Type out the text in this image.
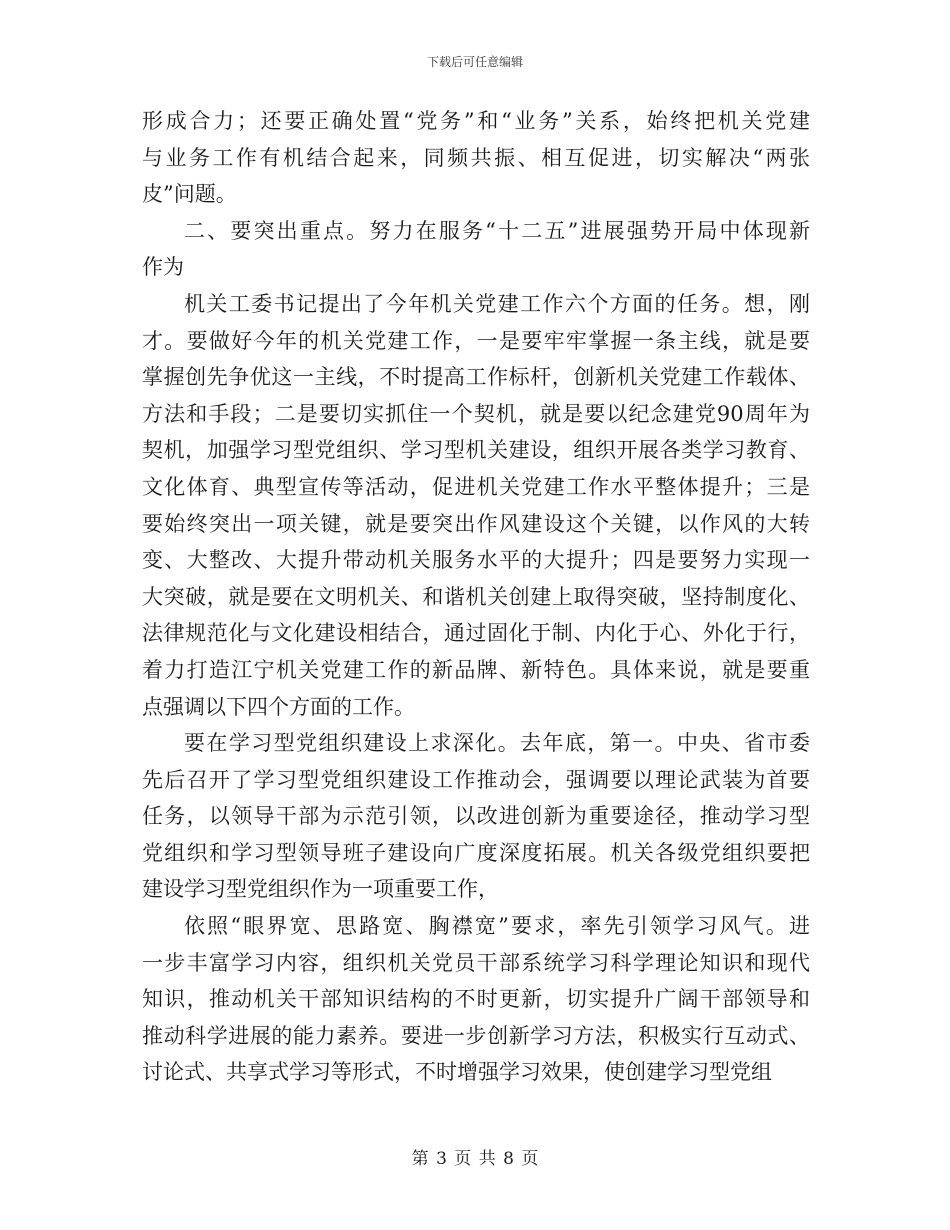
下载后可任意编辑
形成合力；还要正确处置“党务”和“业务”关系，始终把机关党建
与业务工作有机结合起来，同频共振、相互促进，切实解决“两张
皮”问题。
二、要突出重点。努力在服务“十二五”进展强势开局中体现新
作为
机关工委书记提出了今年机关党建工作六个方面的任务。想，刚
才。要做好今年的机关党建工作，一是要牢牢掌握一条主线，就是要
掌握创先争优这一主线，不时提高工作标杆，创新机关党建工作载体、
方法和手段；二是要切实抓住一个契机，就是要以纪念建党90周年为
契机，加强学习型党组织、学习型机关建设，组织开展各类学习教育、
文化体育、典型宣传等活动，促进机关党建工作水平整体提升；三是
要始终突出一项关键，就是要突出作风建设这个关键，以作风的大转
变、大整改、大提升带动机关服务水平的大提升；四是要努力实现一
大突破，就是要在文明机关、和谐机关创建上取得突破，坚持制度化、
法律规范化与文化建设相结合，通过固化于制、内化于心、外化于行，
着力打造江宁机关党建工作的新品牌、新特色。具体来说，就是要重
点强调以下四个方面的工作。
要在学习型党组织建设上求深化。去年底，第一。中央、省市委
先后召开了学习型党组织建设工作推动会，强调要以理论武装为首要
任务，以领导干部为示范引领，以改进创新为重要途径，推动学习型
党组织和学习型领导班子建设向广度深度拓展。机关各级党组织要把
建设学习型党组织作为一项重要工作，
依照“眼界宽、思路宽、胸襟宽”要求，率先引领学习风气。进
一步丰富学习内容，组织机关党员干部系统学习科学理论知识和现代
知识，推动机关干部知识结构的不时更新，切实提升广阔干部领导和
推动科学进展的能力素养。要进一步创新学习方法，积极实行互动式、
讨论式、共享式学习等形式，不时增强学习效果，使创建学习型党组
第 3 页 共 8 页
